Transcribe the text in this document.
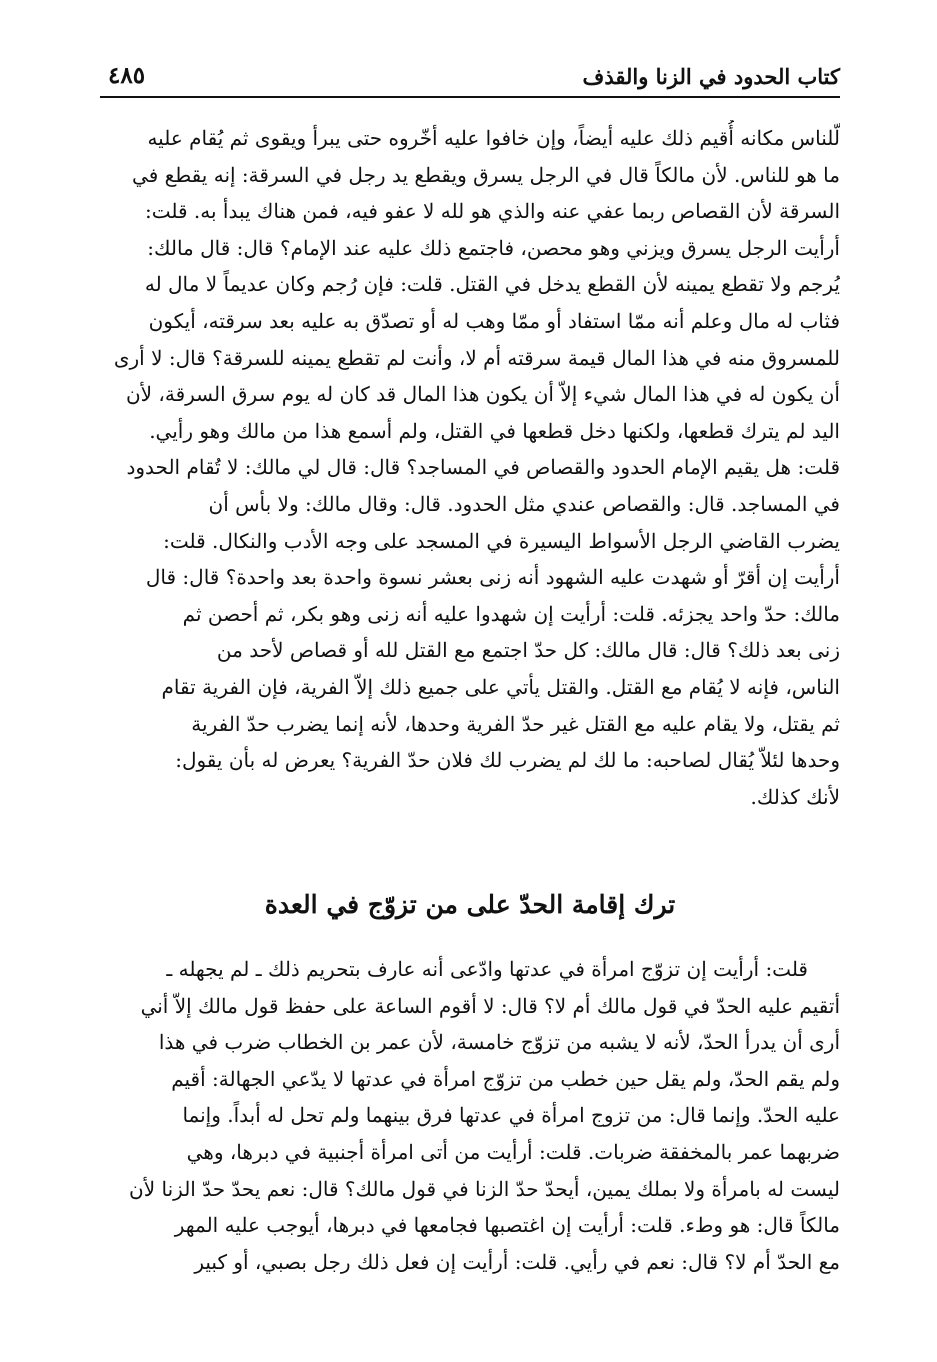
كتاب الحدود في الزنا والقذف
٤٨٥
لّلناس مكانه أُقيم ذلك عليه أيضاً، وإن خافوا عليه أخّروه حتى يبرأ ويقوى ثم يُقام عليه
ما هو للناس. لأن مالكاً قال في الرجل يسرق ويقطع يد رجل في السرقة: إنه يقطع في
السرقة لأن القصاص ربما عفي عنه والذي هو لله لا عفو فيه، فمن هناك يبدأ به. قلت:
أرأيت الرجل يسرق ويزني وهو محصن، فاجتمع ذلك عليه عند الإمام؟ قال: قال مالك:
يُرجم ولا تقطع يمينه لأن القطع يدخل في القتل. قلت: فإن رُجم وكان عديماً لا مال له
فثاب له مال وعلم أنه ممّا استفاد أو ممّا وهب له أو تصدّق به عليه بعد سرقته، أيكون
للمسروق منه في هذا المال قيمة سرقته أم لا، وأنت لم تقطع يمينه للسرقة؟ قال: لا أرى
أن يكون له في هذا المال شيء إلاّ أن يكون هذا المال قد كان له يوم سرق السرقة، لأن
اليد لم يترك قطعها، ولكنها دخل قطعها في القتل، ولم أسمع هذا من مالك وهو رأيي.
قلت: هل يقيم الإمام الحدود والقصاص في المساجد؟ قال: قال لي مالك: لا تُقام الحدود
في المساجد. قال: والقصاص عندي مثل الحدود. قال: وقال مالك: ولا بأس أن
يضرب القاضي الرجل الأسواط اليسيرة في المسجد على وجه الأدب والنكال. قلت:
أرأيت إن أقرّ أو شهدت عليه الشهود أنه زنى بعشر نسوة واحدة بعد واحدة؟ قال: قال
مالك: حدّ واحد يجزئه. قلت: أرأيت إن شهدوا عليه أنه زنى وهو بكر، ثم أحصن ثم
زنى بعد ذلك؟ قال: قال مالك: كل حدّ اجتمع مع القتل لله أو قصاص لأحد من
الناس، فإنه لا يُقام مع القتل. والقتل يأتي على جميع ذلك إلاّ الفرية، فإن الفرية تقام
ثم يقتل، ولا يقام عليه مع القتل غير حدّ الفرية وحدها، لأنه إنما يضرب حدّ الفرية
وحدها لئلاّ يُقال لصاحبه: ما لك لم يضرب لك فلان حدّ الفرية؟ يعرض له بأن يقول:
لأنك كذلك.
ترك إقامة الحدّ على من تزوّج في العدة
قلت: أرأيت إن تزوّج امرأة في عدتها وادّعى أنه عارف بتحريم ذلك ـ لم يجهله ـ
أتقيم عليه الحدّ في قول مالك أم لا؟ قال: لا أقوم الساعة على حفظ قول مالك إلاّ أني
أرى أن يدرأ الحدّ، لأنه لا يشبه من تزوّج خامسة، لأن عمر بن الخطاب ضرب في هذا
ولم يقم الحدّ، ولم يقل حين خطب من تزوّج امرأة في عدتها لا يدّعي الجهالة: أقيم
عليه الحدّ. وإنما قال: من تزوج امرأة في عدتها فرق بينهما ولم تحل له أبداً. وإنما
ضربهما عمر بالمخفقة ضربات. قلت: أرأيت من أتى امرأة أجنبية في دبرها، وهي
ليست له بامرأة ولا بملك يمين، أيحدّ حدّ الزنا في قول مالك؟ قال: نعم يحدّ حدّ الزنا لأن
مالكاً قال: هو وطء. قلت: أرأيت إن اغتصبها فجامعها في دبرها، أيوجب عليه المهر
مع الحدّ أم لا؟ قال: نعم في رأيي. قلت: أرأيت إن فعل ذلك رجل بصبي، أو كبير
